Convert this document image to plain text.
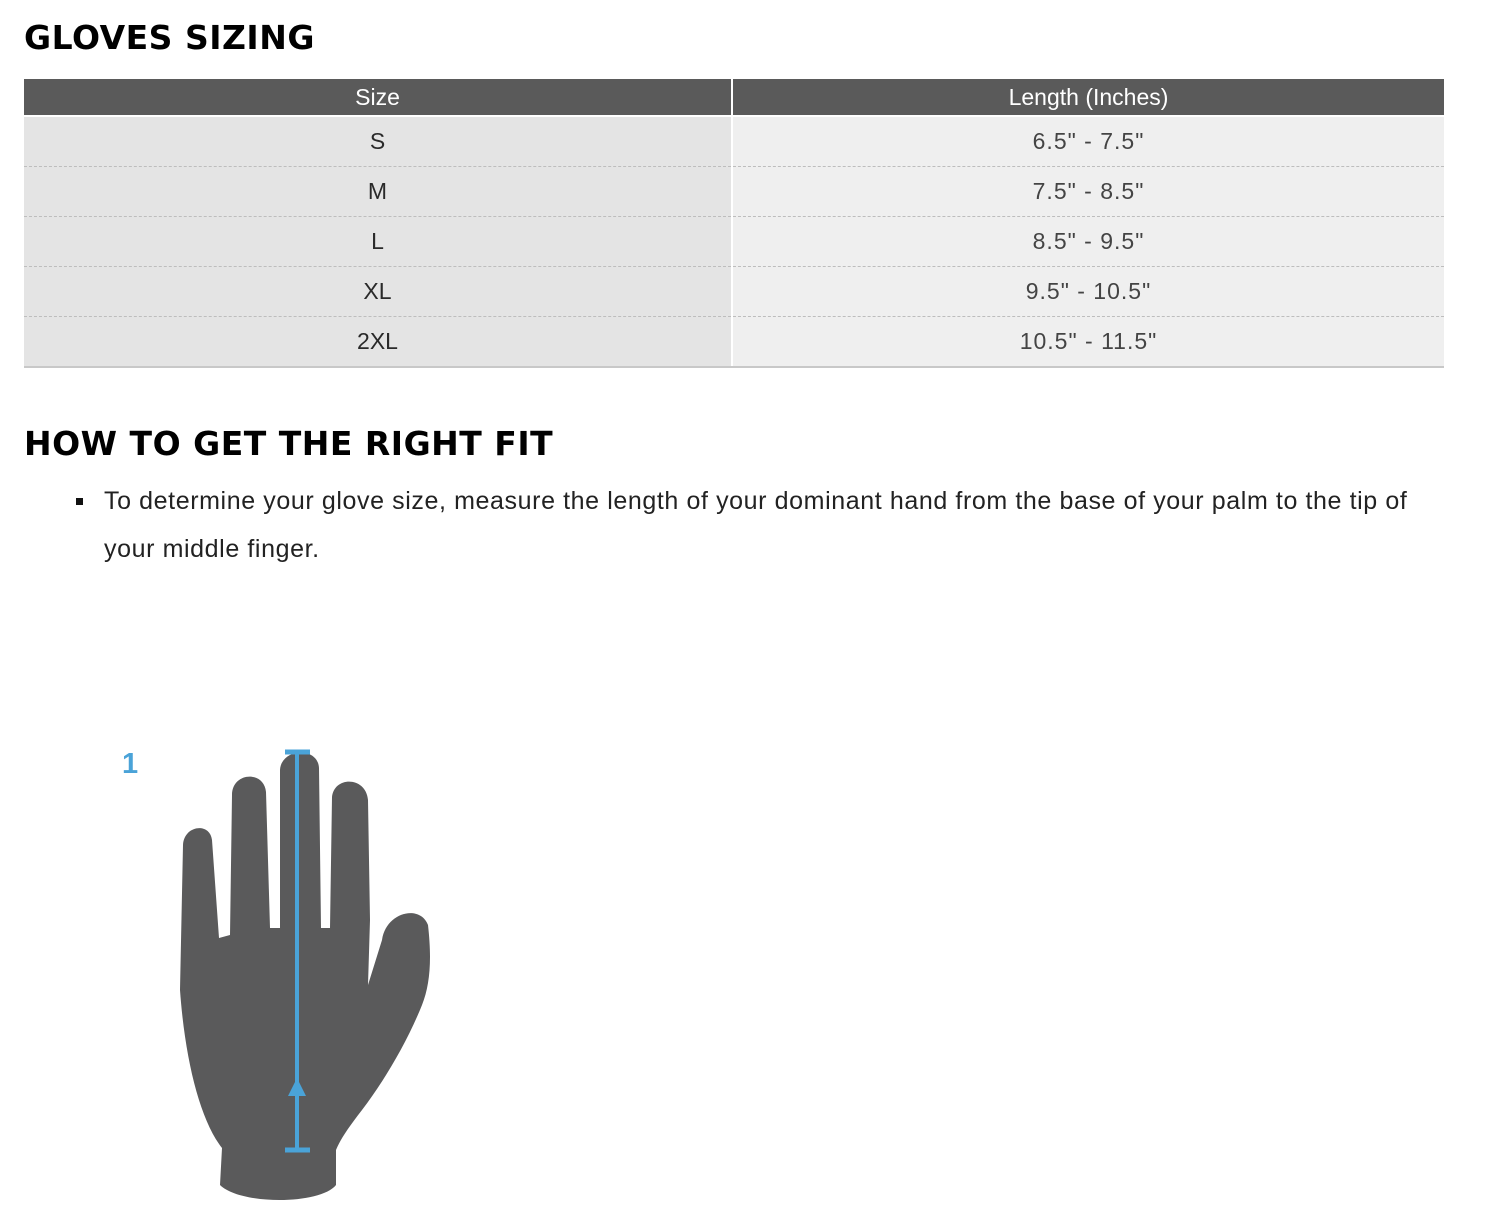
GLOVES SIZING
Size	Length (Inches)
S	6.5" - 7.5"
M	7.5" - 8.5"
L	8.5" - 9.5"
XL	9.5" - 10.5"
2XL	10.5" - 11.5"
HOW TO GET THE RIGHT FIT
To determine your glove size, measure the length of your dominant hand from the base of your palm to the tip of your middle finger.
1
